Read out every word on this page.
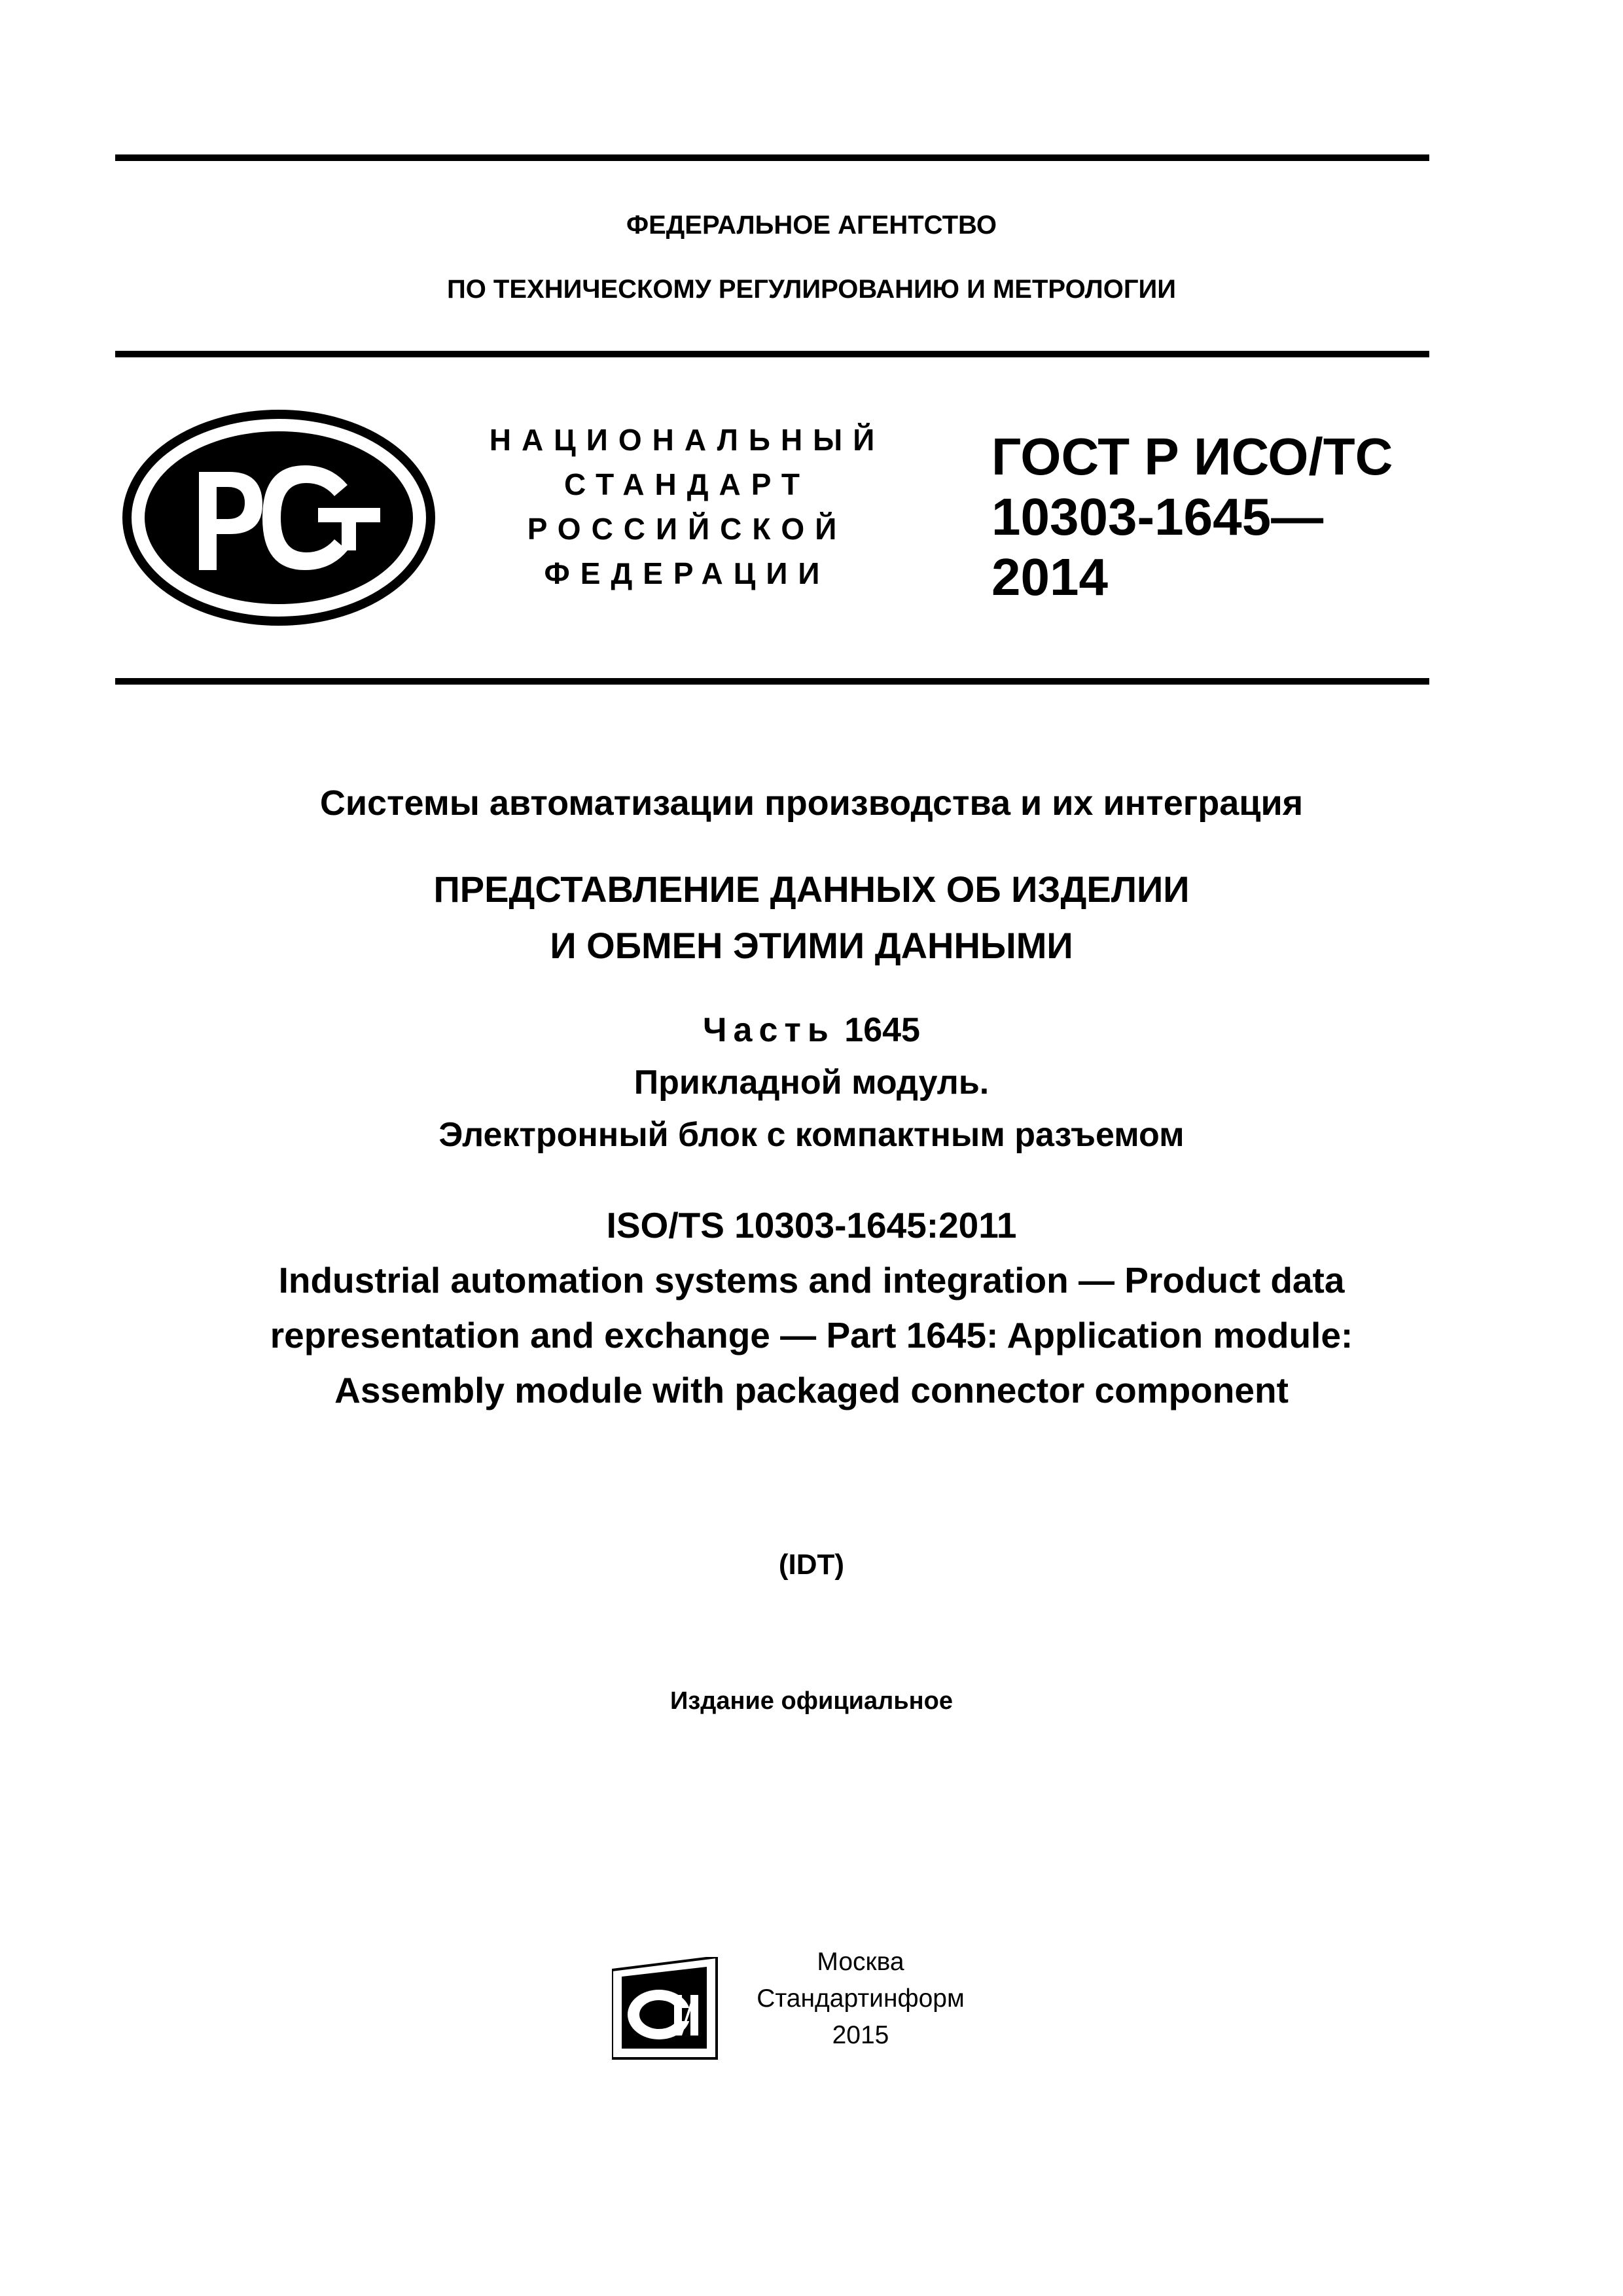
ФЕДЕРАЛЬНОЕ АГЕНТСТВО
ПО ТЕХНИЧЕСКОМУ РЕГУЛИРОВАНИЮ И МЕТРОЛОГИИ
НАЦИОНАЛЬНЫЙ
СТАНДАРТ
РОССИЙСКОЙ
ФЕДЕРАЦИИ
ГОСТ Р ИСО/ТС
10303-1645—
2014
Системы автоматизации производства и их интеграция
ПРЕДСТАВЛЕНИЕ ДАННЫХ ОБ ИЗДЕЛИИ
И ОБМЕН ЭТИМИ ДАННЫМИ
Часть 1645
Прикладной модуль.
Электронный блок с компактным разъемом
ISO/TS 10303-1645:2011
Industrial automation systems and integration — Product data
representation and exchange — Part 1645: Application module:
Assembly module with packaged connector component
(IDT)
Издание официальное
Москва
Стандартинформ
2015
